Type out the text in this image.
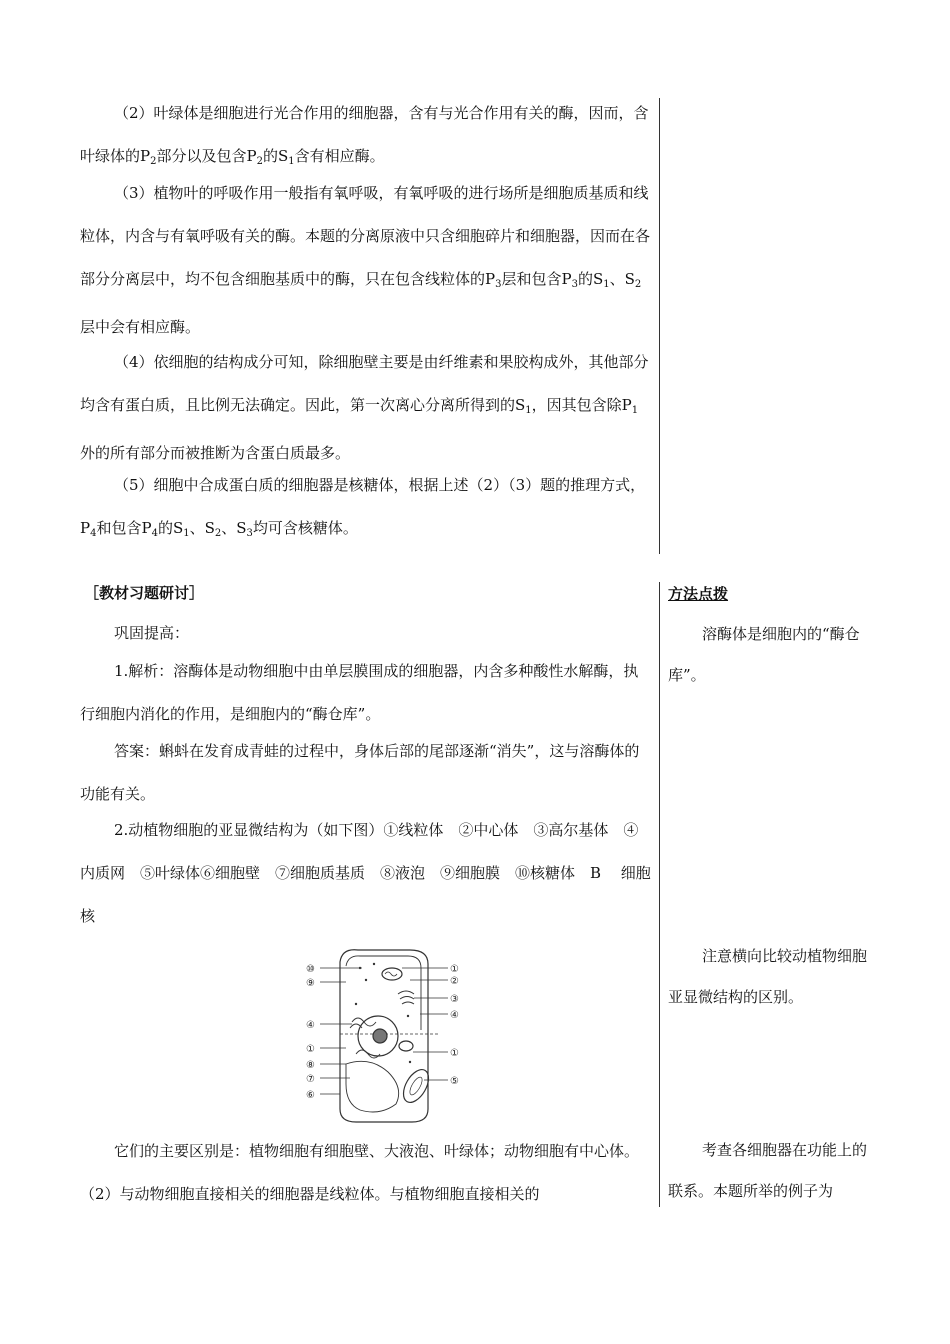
（2）叶绿体是细胞进行光合作用的细胞器，含有与光合作用有关的酶，因而，含叶绿体的$P_2$部分以及包含$P_2$的$S_1$含有相应酶。

（3）植物叶的呼吸作用一般指有氧呼吸，有氧呼吸的进行场所是细胞质基质和线粒体，内含与有氧呼吸有关的酶。本题的分离原液中只含细胞碎片和细胞器，因而在各部分分离层中，均不包含细胞基质中的酶，只在包含线粒体的$P_3$层和包含$P_3$的$S_1$、$S_2$层中会有相应酶。

（4）依细胞的结构成分可知，除细胞壁主要是由纤维素和果胶构成外，其他部分均含有蛋白质，且比例无法确定。因此，第一次离心分离所得到的$S_1$，因其包含除$P_1$外的所有部分而被推断为含蛋白质最多。

（5）细胞中合成蛋白质的细胞器是核糖体，根据上述（2）（3）题的推理方式，$P_4$和包含$P_4$的$S_1$、$S_2$、$S_3$均可含核糖体。

［教材习题研讨］

巩固提高：

1.解析：溶酶体是动物细胞中由单层膜围成的细胞器，内含多种酸性水解酶，执行细胞内消化的作用，是细胞内的“酶仓库”。

答案：蝌蚪在发育成青蛙的过程中，身体后部的尾部逐渐“消失”，这与溶酶体的功能有关。

2.动植物细胞的亚显微结构为（如下图）①线粒体　②中心体　③高尔基体　④内质网　⑤叶绿体⑥细胞壁　⑦细胞质基质　⑧液泡　⑨细胞膜　⑩核糖体　B　 细胞核

⑩
⑨
④
①
⑧
⑦
⑥
①
②
③
④
①
⑤

它们的主要区别是：植物细胞有细胞壁、大液泡、叶绿体；动物细胞有中心体。（2）与动物细胞直接相关的细胞器是线粒体。与植物细胞直接相关的

方法点拨
溶酶体是细胞内的“酶仓库”。
注意横向比较动植物细胞亚显微结构的区别。
考查各细胞器在功能上的联系。本题所举的例子为
